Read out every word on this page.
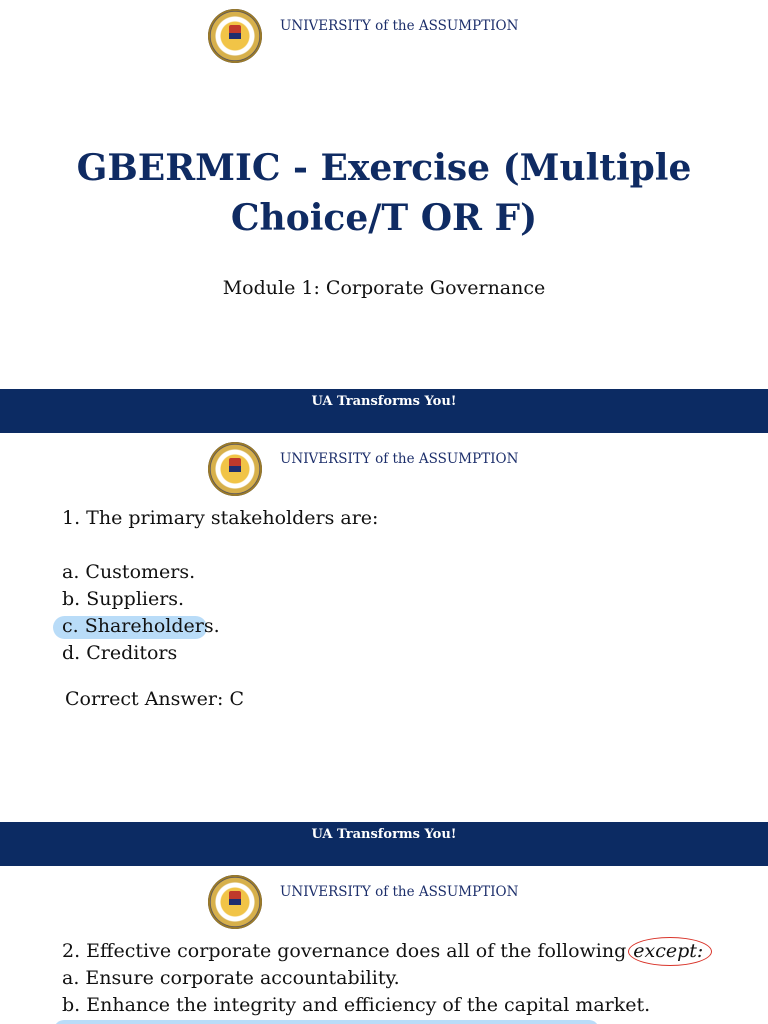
UNIVERSITY of the ASSUMPTION
GBERMIC - Exercise (Multiple Choice/T OR F)
Module 1: Corporate Governance
UA Transforms You!
UNIVERSITY of the ASSUMPTION
1. The primary stakeholders are:
a. Customers.
b. Suppliers.
c. Shareholders.
d. Creditors
Correct Answer: C
UA Transforms You!
UNIVERSITY of the ASSUMPTION
2. Effective corporate governance does all of the following except:
a. Ensure corporate accountability.
b. Enhance the integrity and efficiency of the capital market.
